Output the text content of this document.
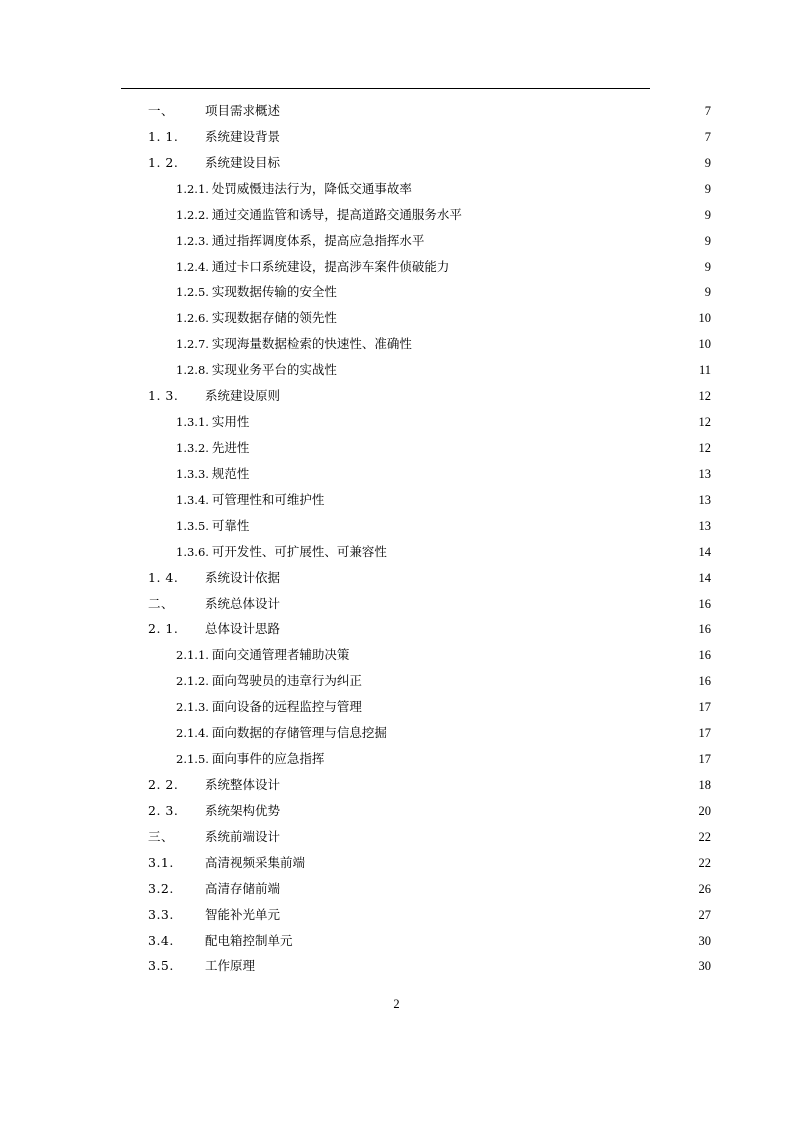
一、	项目需求概述 .....	7
1. 1.	系统建设背景 .....	7
1. 2.	系统建设目标 .....	9
1.2.1. 处罚威慑违法行为，降低交通事故率 .....	9
1.2.2. 通过交通监管和诱导，提高道路交通服务水平 .....	9
1.2.3. 通过指挥调度体系，提高应急指挥水平 .....	9
1.2.4. 通过卡口系统建设，提高涉车案件侦破能力 .....	9
1.2.5. 实现数据传输的安全性 .....	9
1.2.6. 实现数据存储的领先性 .....	10
1.2.7. 实现海量数据检索的快速性、准确性 .....	10
1.2.8. 实现业务平台的实战性 .....	11
1. 3.	系统建设原则 .....	12
1.3.1. 实用性 .....	12
1.3.2. 先进性 .....	12
1.3.3. 规范性 .....	13
1.3.4. 可管理性和可维护性 .....	13
1.3.5. 可靠性 .....	13
1.3.6. 可开发性、可扩展性、可兼容性 .....	14
1. 4.	系统设计依据 .....	14
二、	系统总体设计 .....	16
2. 1.	总体设计思路 .....	16
2.1.1. 面向交通管理者辅助决策 .....	16
2.1.2. 面向驾驶员的违章行为纠正 .....	16
2.1.3. 面向设备的远程监控与管理 .....	17
2.1.4. 面向数据的存储管理与信息挖掘 .....	17
2.1.5. 面向事件的应急指挥 .....	17
2. 2.	系统整体设计 .....	18
2. 3.	系统架构优势 .....	20
三、	系统前端设计 .....	22
3.1.	高清视频采集前端 .....	22
3.2.	高清存储前端 .....	26
3.3.	智能补光单元 .....	27
3.4.	配电箱控制单元 .....	30
3.5.	工作原理 .....	30
2
